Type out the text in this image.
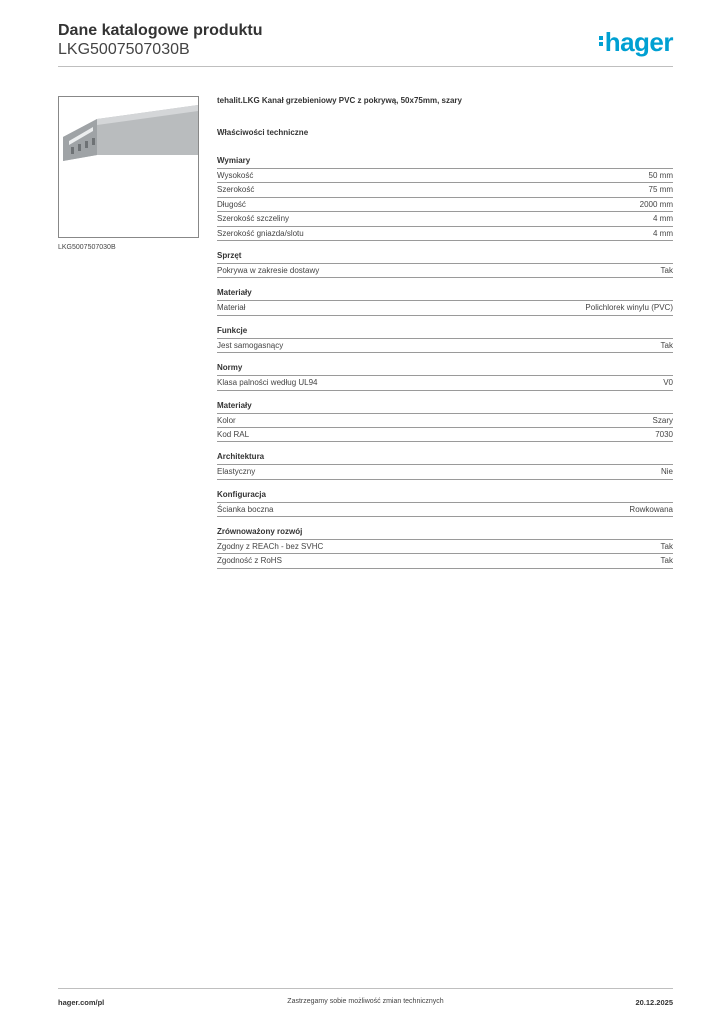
Dane katalogowe produktu
LKG5007507030B	hager
LKG5007507030B
tehalit.LKG Kanał grzebieniowy PVC z pokrywą, 50x75mm, szary
Właściwości techniczne
Wymiary
Wysokość	50 mm
Szerokość	75 mm
Długość	2000 mm
Szerokość szczeliny	4 mm
Szerokość gniazda/slotu	4 mm
Sprzęt
Pokrywa w zakresie dostawy	Tak
Materiały
Materiał	Polichlorek winylu (PVC)
Funkcje
Jest samogasnący	Tak
Normy
Klasa palności według UL94	V0
Materiały
Kolor	Szary
Kod RAL	7030
Architektura
Elastyczny	Nie
Konfiguracja
Ścianka boczna	Rowkowana
Zrównoważony rozwój
Zgodny z REACh - bez SVHC	Tak
Zgodność z RoHS	Tak
hager.com/pl	Zastrzegamy sobie możliwość zmian technicznych	20.12.2025
